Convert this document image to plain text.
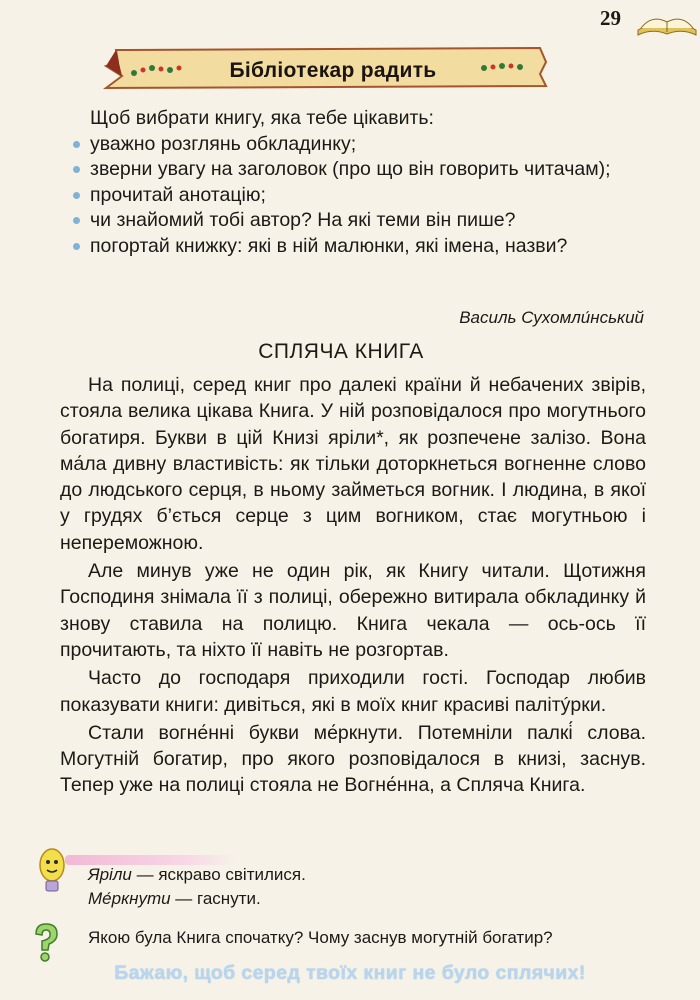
29
Бібліотекар радить
Щоб вибрати книгу, яка тебе цікавить:
уважно розглянь обкладинку;
зверни увагу на заголовок (про що він говорить читачам);
прочитай анотацію;
чи знайомий тобі автор? На які теми він пише?
погортай книжку: які в ній малюнки, які імена, назви?
Василь Сухомли́нський
СПЛЯЧА КНИГА

На полиці, серед книг про далекі країни й небачених звірів, стояла велика цікава Книга. У ній розповідалося про могутнього богатиря. Букви в цій Книзі яріли*, як розпечене залізо. Вона ма́ла дивну властивість: як тільки доторкнеться вогненне слово до людського серця, в ньому займеться вогник. І людина, в якої у грудях б’ється серце з цим вогником, стає могутньою і непереможною.

Але минув уже не один рік, як Книгу читали. Щотижня Господиня знімала її з полиці, обережно витирала обкладинку й знову ставила на полицю. Книга чекала — ось-ось її прочитають, та ніхто її навіть не розгортав.

Часто до господаря приходили гості. Господар любив показувати книги: дивіться, які в моїх книг красиві палітýрки.

Стали вогне́нні букви ме́ркнути. Потемніли палкі́ слова. Могутній богатир, про якого розповідалося в книзі, заснув. Тепер уже на полиці стояла не Вогне́нна, а Спляча Книга.

Яріли — яскраво світилися.
Ме́ркнути — гаснути.
Якою була Книга спочатку? Чому заснув могутній богатир?
Бажаю, щоб серед твоїх книг не було сплячих!
